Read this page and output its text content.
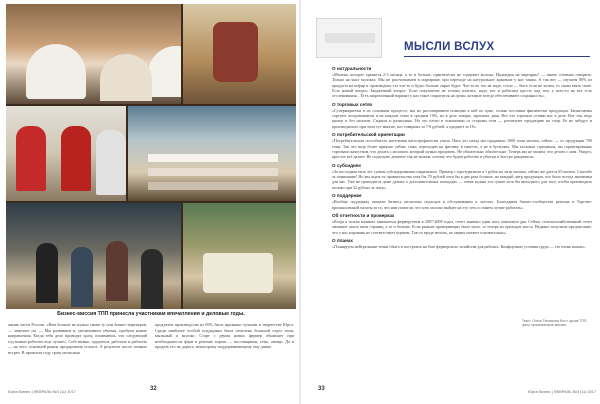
Бизнес-миссия ТПП принесла участникам впечатления и деловые годы.
жизнь части России. «Нам больше не нужно снова ту или бизнес-партнеров, — замечает он. — Мы развиваем и, увеличиваем объемы, пробуем новые направления. Когда тебя дело проводят сразу, понимаешь, что следующий год можно работать еще лучше». Собственно, трудиться, работать и работать — на лето, основной рынок предприятия сельхоз. А результат после личных встреч. В прошлом году сразу несколько
продуктов производства из 69% было признано лучшим в творчестве Юрга. Среди наиболее особой поддержки была отмечена большой отдел поля, мыльный и молоко. Старт с двумя новых фермер обьявляет при необходимости ферм в регионе хорош — поставщиков, сено, овощи. Да и продать его не дорого, некоторому поддерживающему ему давно.
Юрга бизнес | ФЕВРАЛЬ №3 (11) 2017	32
МЫСЛИ ВСЛУХ
О натуральности
«Милена, которое хранится 2-3 месяца, а то и больше, практически не содержит молока. Надеждин на маргарин? — иначе, отменно говорить. Только на чьих молоках. Мы не рассчитываем в маргарине, при переходе на натуральное хранение у нас таким. А так вот — изучаем 90% из продукта на кефир и производить это что-то и будто больше сырье будет. Что-то во что не надо, стало — быть если не хотим, то снова взять свою. Есть новый вопрос. Бюджетный вопрос. Если покупатели не готовы платить, надо, вот и работаем просто над тем, у кого-то на все есть отслеживания... Есть закрепленный вариант у нас такое сократится на сроки, которые всегда обеспечивают сохранность».
О торговых сетях
«Супермаркетам в их основном процессе, мы не рассматриваем позицию в ней по цене, только поставки фактически продукции. Бизнесмены торгуют ассортиментом и на каждом этапе в среднем 10%, но в деле товары, зарплаты, ранг. Вот что торговля сетями нас в деле. Вот так, ведь проще и без налогов. Сидишь и разносишь. Но это плохо в отношении со стороны сети — реализуют продукцию на спор. Ее не забудут и производимого при этом тут многие, вот товарных за 7-8 рублей, а продают за 18».
О потребительской ориентации
«Потребительская способность населения катастрофически упала. Пять лет назад мы продавали 1000 тонн молока, сейчас — от продукции 700 тонн. Так что ведь более приятно сейчас сами, переходим на фасовку в пакетах, а не в бутылках. Мы молоком стремимся, вы гарантированно торговали качеством, что делать с молоком, который нужно продавать. Не обязательно обязательно: Теперь мы не можем, что делать с ним. Увидел, простое всё делает. Не подходить дешевле так не можем, потому что будем работать в убытки и быстро разоримся».
О субсидиях
«За последние пять лет суммы субсидирования сократились. Пример с агротуризмом в 1 рубль на литр молока, сейчас же дается 65 копеек. Спасибо за понимание! Но мы ждем от правительства хотя бы 70 рублей хотя бы в два раза больше, на каждый литр продукции, что было всегда значимым для нас. Уже не приходится даже думать о дополнительных площадях — очень нужна эта сумма хотя бы выходного для того, чтобы производить молоко при 32 рублях за литр».
О поддержке
«Вообще поддержку оказали бизнесу несколько подходов в обслуживании и льготах. Благодарим бизнес-сообщества региона и Торгово-промышленной палаты за то, что нам помогли, что хоть молоко выйдет на эту сеть и станем лучше работать».
Об отчетности и проверках
«Когда я только начинал заниматься фермерством в 2007-2008 годах, отчет занимал один лист, максимум два. Сейчас сельскохозяйственный отчет занимает около пяти страниц, а то и больше. Если раньше проверяющих было мало, то теперь их приходит масса. Недавно получили предписание, что у нас коровник не соответствует нормам. Так-то вроде мелочь, но нервы мотают основательно».
О планах
«Планируем нейтральные точки сбыта и построить на базе фермерского хозяйства для рабочих. Комфортные условия труда — это очень важно».
Текст: Ольга Тюлюкова Фото: архив ТПП, фото организаторов миссии
33	Юрга бизнес | ФЕВРАЛЬ №3 (11) 2017
